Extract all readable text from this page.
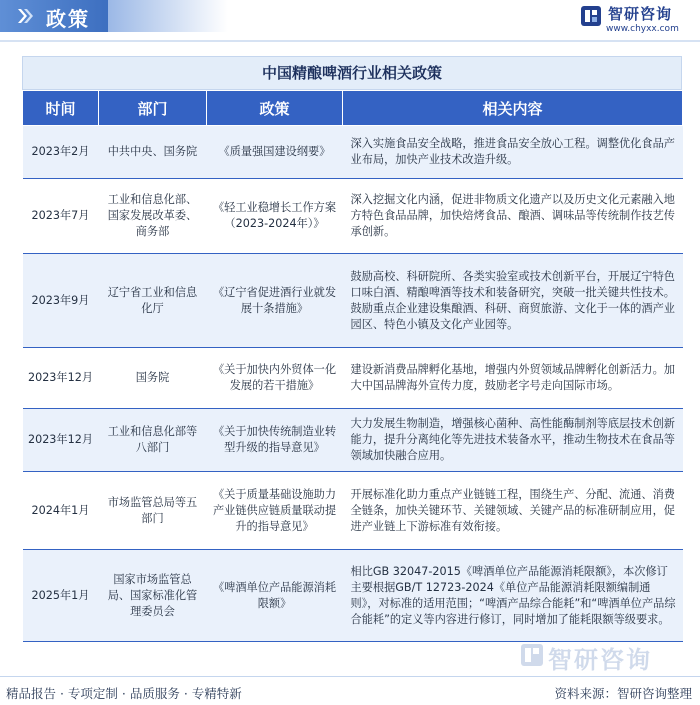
政策	智研咨询
www.chyxx.com
中国精酿啤酒行业相关政策
时间	部门	政策	相关内容
2023年2月	中共中央、国务院	《质量强国建设纲要》	深入实施食品安全战略，推进食品安全放心工程。调整优化食品产业布局，加快产业技术改造升级。
2023年7月	工业和信息化部、国家发展改革委、商务部	《轻工业稳增长工作方案（2023-2024年）》	深入挖掘文化内涵，促进非物质文化遗产以及历史文化元素融入地方特色食品品牌，加快焙烤食品、酿酒、调味品等传统制作技艺传承创新。
2023年9月	辽宁省工业和信息化厅	《辽宁省促进酒行业就发展十条措施》	鼓励高校、科研院所、各类实验室或技术创新平台，开展辽宁特色口味白酒、精酿啤酒等技术和装备研究，突破一批关键共性技术。鼓励重点企业建设集酿酒、科研、商贸旅游、文化于一体的酒产业园区、特色小镇及文化产业园等。
2023年12月	国务院	《关于加快内外贸体一化发展的若干措施》	建设新消费品牌孵化基地，增强内外贸领域品牌孵化创新活力。加大中国品牌海外宣传力度，鼓励老字号走向国际市场。
2023年12月	工业和信息化部等八部门	《关于加快传统制造业转型升级的指导意见》	大力发展生物制造，增强核心菌种、高性能酶制剂等底层技术创新能力，提升分离纯化等先进技术装备水平，推动生物技术在食品等领域加快融合应用。
2024年1月	市场监管总局等五部门	《关于质量基础设施助力产业链供应链质量联动提升的指导意见》	开展标准化助力重点产业链链工程，围绕生产、分配、流通、消费全链条，加快关键环节、关键领域、关键产品的标准研制应用，促进产业链上下游标准有效衔接。
2025年1月	国家市场监管总局、国家标准化管理委员会	《啤酒单位产品能源消耗限额》	相比GB 32047-2015《啤酒单位产品能源消耗限额》，本次修订主要根据GB/T 12723-2024《单位产品能源消耗限额编制通则》，对标准的适用范围；“啤酒产品综合能耗”和“啤酒单位产品综合能耗”的定义等内容进行修订，同时增加了能耗限额等级要求。
智研咨询
精品报告 · 专项定制 · 品质服务 · 专精特新	资料来源：智研咨询整理
